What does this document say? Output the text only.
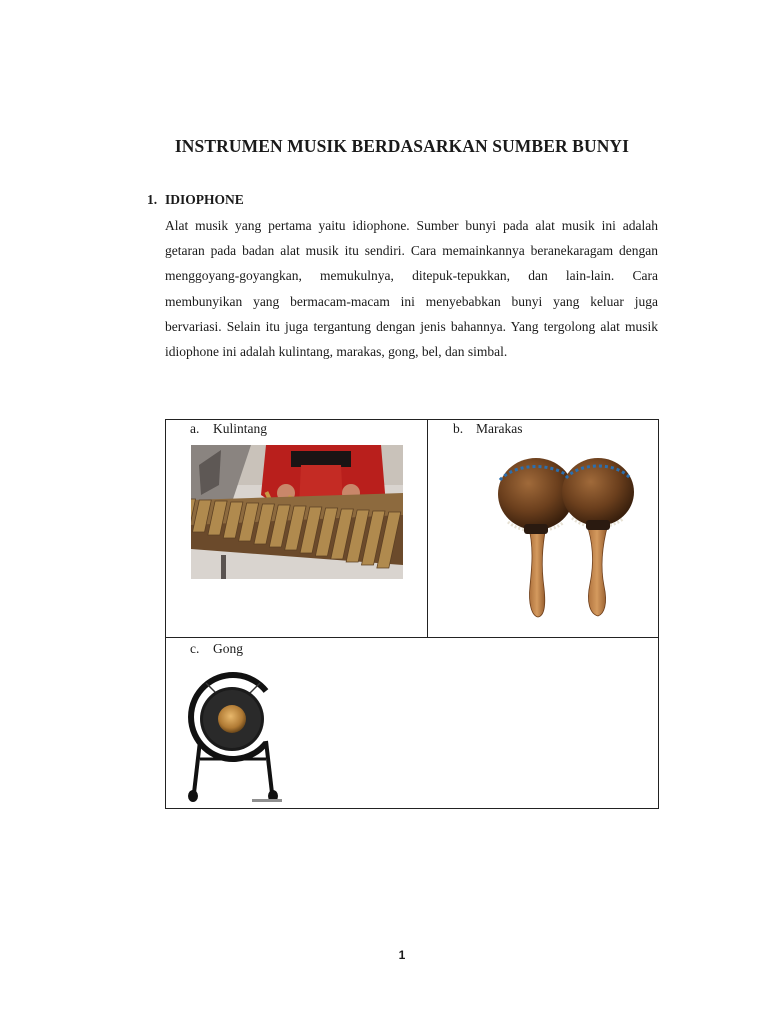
INSTRUMEN MUSIK BERDASARKAN SUMBER BUNYI
1. IDIOPHONE

Alat musik yang pertama yaitu idiophone. Sumber bunyi pada alat musik ini adalah getaran pada badan alat musik itu sendiri. Cara memainkannya beranekaragam dengan menggoyang-goyangkan, memukulnya, ditepuk-tepukkan, dan lain-lain. Cara membunyikan yang bermacam-macam ini menyebabkan bunyi yang keluar juga bervariasi. Selain itu juga tergantung dengan jenis bahannya. Yang tergolong alat musik idiophone ini adalah kulintang, marakas, gong, bel, dan simbal.

a. Kulintang	b. Marakas
c. Gong
1
